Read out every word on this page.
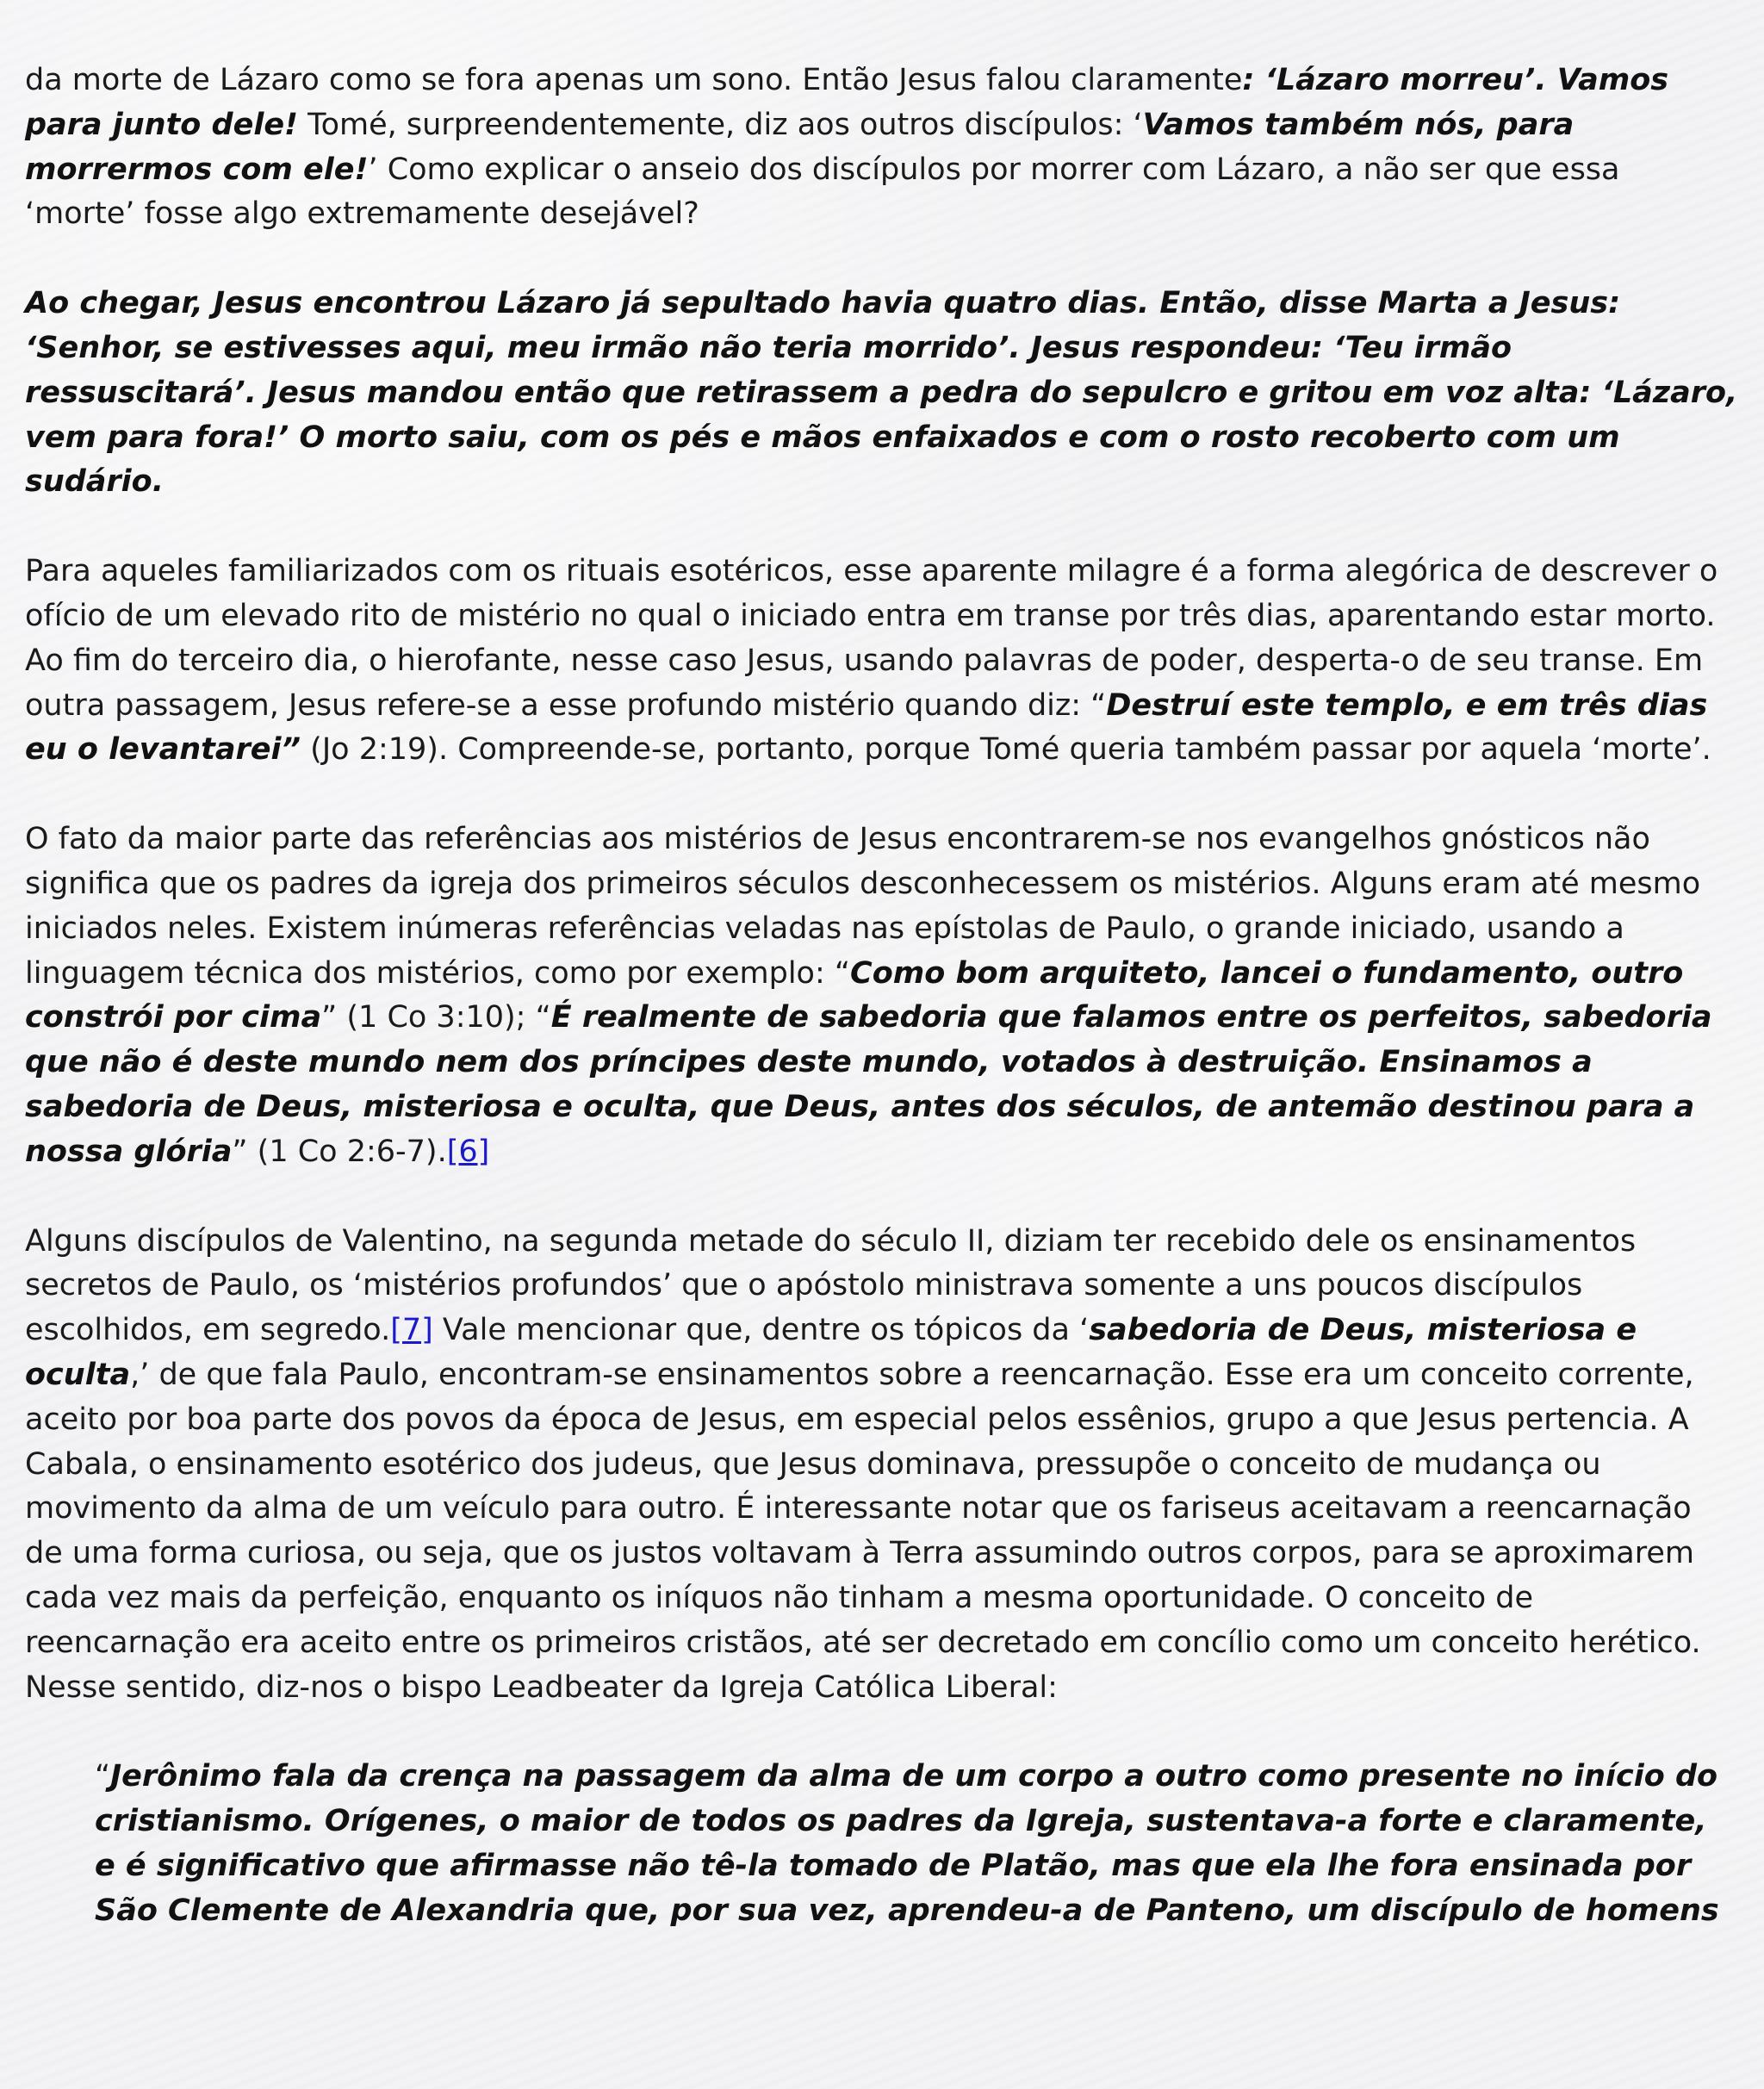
da morte de Lázaro como se fora apenas um sono. Então Jesus falou claramente: ‘Lázaro morreu’. Vamos para junto dele! Tomé, surpreendentemente, diz aos outros discípulos: ‘Vamos também nós, para morrermos com ele!’ Como explicar o anseio dos discípulos por morrer com Lázaro, a não ser que essa ‘morte’ fosse algo extremamente desejável?

Ao chegar, Jesus encontrou Lázaro já sepultado havia quatro dias. Então, disse Marta a Jesus: ‘Senhor, se estivesses aqui, meu irmão não teria morrido’. Jesus respondeu: ‘Teu irmão ressuscitará’. Jesus mandou então que retirassem a pedra do sepulcro e gritou em voz alta: ‘Lázaro, vem para fora!’ O morto saiu, com os pés e mãos enfaixados e com o rosto recoberto com um sudário.

Para aqueles familiarizados com os rituais esotéricos, esse aparente milagre é a forma alegórica de descrever o ofício de um elevado rito de mistério no qual o iniciado entra em transe por três dias, aparentando estar morto. Ao fim do terceiro dia, o hierofante, nesse caso Jesus, usando palavras de poder, desperta-o de seu transe. Em outra passagem, Jesus refere-se a esse profundo mistério quando diz: “Destruí este templo, e em três dias eu o levantarei” (Jo 2:19). Compreende-se, portanto, porque Tomé queria também passar por aquela ‘morte’.

O fato da maior parte das referências aos mistérios de Jesus encontrarem-se nos evangelhos gnósticos não significa que os padres da igreja dos primeiros séculos desconhecessem os mistérios. Alguns eram até mesmo iniciados neles. Existem inúmeras referências veladas nas epístolas de Paulo, o grande iniciado, usando a linguagem técnica dos mistérios, como por exemplo: “Como bom arquiteto, lancei o fundamento, outro constrói por cima” (1 Co 3:10); “É realmente de sabedoria que falamos entre os perfeitos, sabedoria que não é deste mundo nem dos príncipes deste mundo, votados à destruição. Ensinamos a sabedoria de Deus, misteriosa e oculta, que Deus, antes dos séculos, de antemão destinou para a nossa glória” (1 Co 2:6-7).[6]

Alguns discípulos de Valentino, na segunda metade do século II, diziam ter recebido dele os ensinamentos secretos de Paulo, os ‘mistérios profundos’ que o apóstolo ministrava somente a uns poucos discípulos escolhidos, em segredo.[7] Vale mencionar que, dentre os tópicos da ‘sabedoria de Deus, misteriosa e oculta,’ de que fala Paulo, encontram-se ensinamentos sobre a reencarnação. Esse era um conceito corrente, aceito por boa parte dos povos da época de Jesus, em especial pelos essênios, grupo a que Jesus pertencia. A Cabala, o ensinamento esotérico dos judeus, que Jesus dominava, pressupõe o conceito de mudança ou movimento da alma de um veículo para outro. É interessante notar que os fariseus aceitavam a reencarnação de uma forma curiosa, ou seja, que os justos voltavam à Terra assumindo outros corpos, para se aproximarem cada vez mais da perfeição, enquanto os iníquos não tinham a mesma oportunidade. O conceito de reencarnação era aceito entre os primeiros cristãos, até ser decretado em concílio como um conceito herético. Nesse sentido, diz-nos o bispo Leadbeater da Igreja Católica Liberal:

“Jerônimo fala da crença na passagem da alma de um corpo a outro como presente no início do cristianismo. Orígenes, o maior de todos os padres da Igreja, sustentava-a forte e claramente, e é significativo que afirmasse não tê-la tomado de Platão, mas que ela lhe fora ensinada por São Clemente de Alexandria que, por sua vez, aprendeu-a de Panteno, um discípulo de homens
